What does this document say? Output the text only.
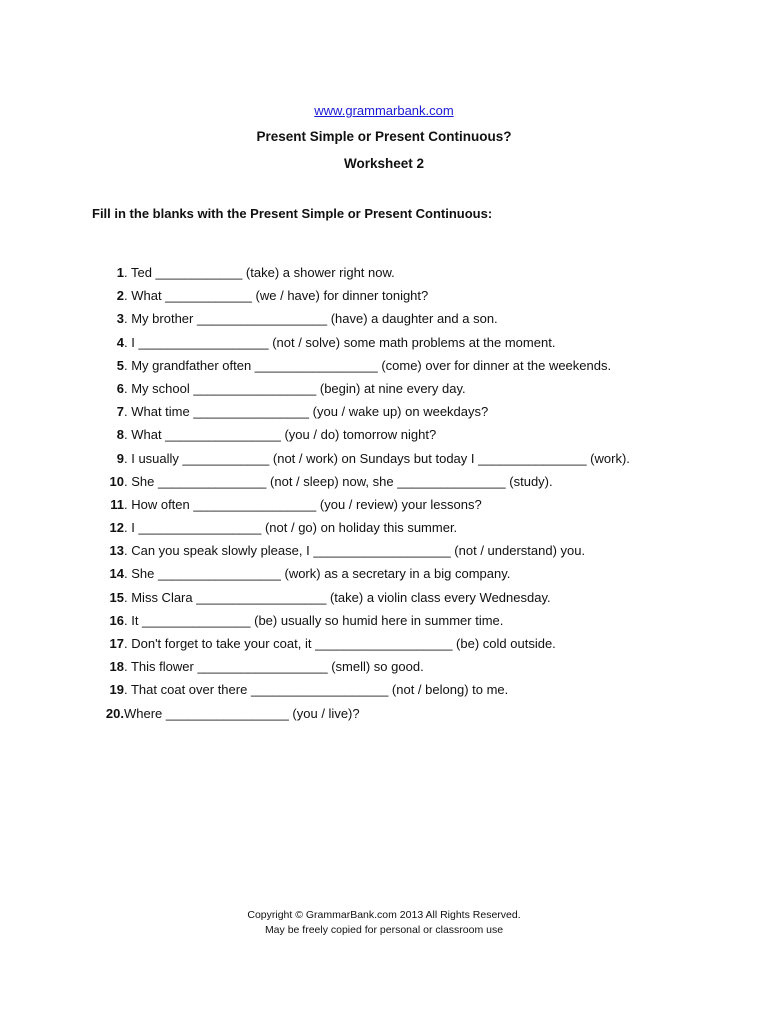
www.grammarbank.com
Present Simple or Present Continuous?
Worksheet 2
Fill in the blanks with the Present Simple or Present Continuous:
1 . Ted ____________ (take) a shower right now.
2 . What ____________ (we / have) for dinner tonight?
3 . My brother __________________ (have) a daughter and a son.
4 . I __________________ (not / solve) some math problems at the moment.
5 . My grandfather often _________________ (come) over for dinner at the weekends.
6 . My school _________________ (begin) at nine every day.
7 . What time ________________ (you / wake up) on weekdays?
8 . What ________________ (you / do) tomorrow night?
9 . I usually ____________ (not / work) on Sundays but today I _______________ (work).
10 . She _______________ (not / sleep) now, she _______________ (study).
11 . How often _________________ (you / review) your lessons?
12 . I _________________ (not / go) on holiday this summer.
13 . Can you speak slowly please, I ___________________ (not / understand) you.
14 . She _________________ (work) as a secretary in a big company.
15 . Miss Clara __________________ (take) a violin class every Wednesday.
16 . It _______________ (be) usually so humid here in summer time.
17 . Don't forget to take your coat, it ___________________ (be) cold outside.
18 . This flower __________________ (smell) so good.
19 . That coat over there ___________________ (not / belong) to me.
20. Where _________________ (you / live)?
Copyright © GrammarBank.com 2013 All Rights Reserved.
May be freely copied for personal or classroom use
